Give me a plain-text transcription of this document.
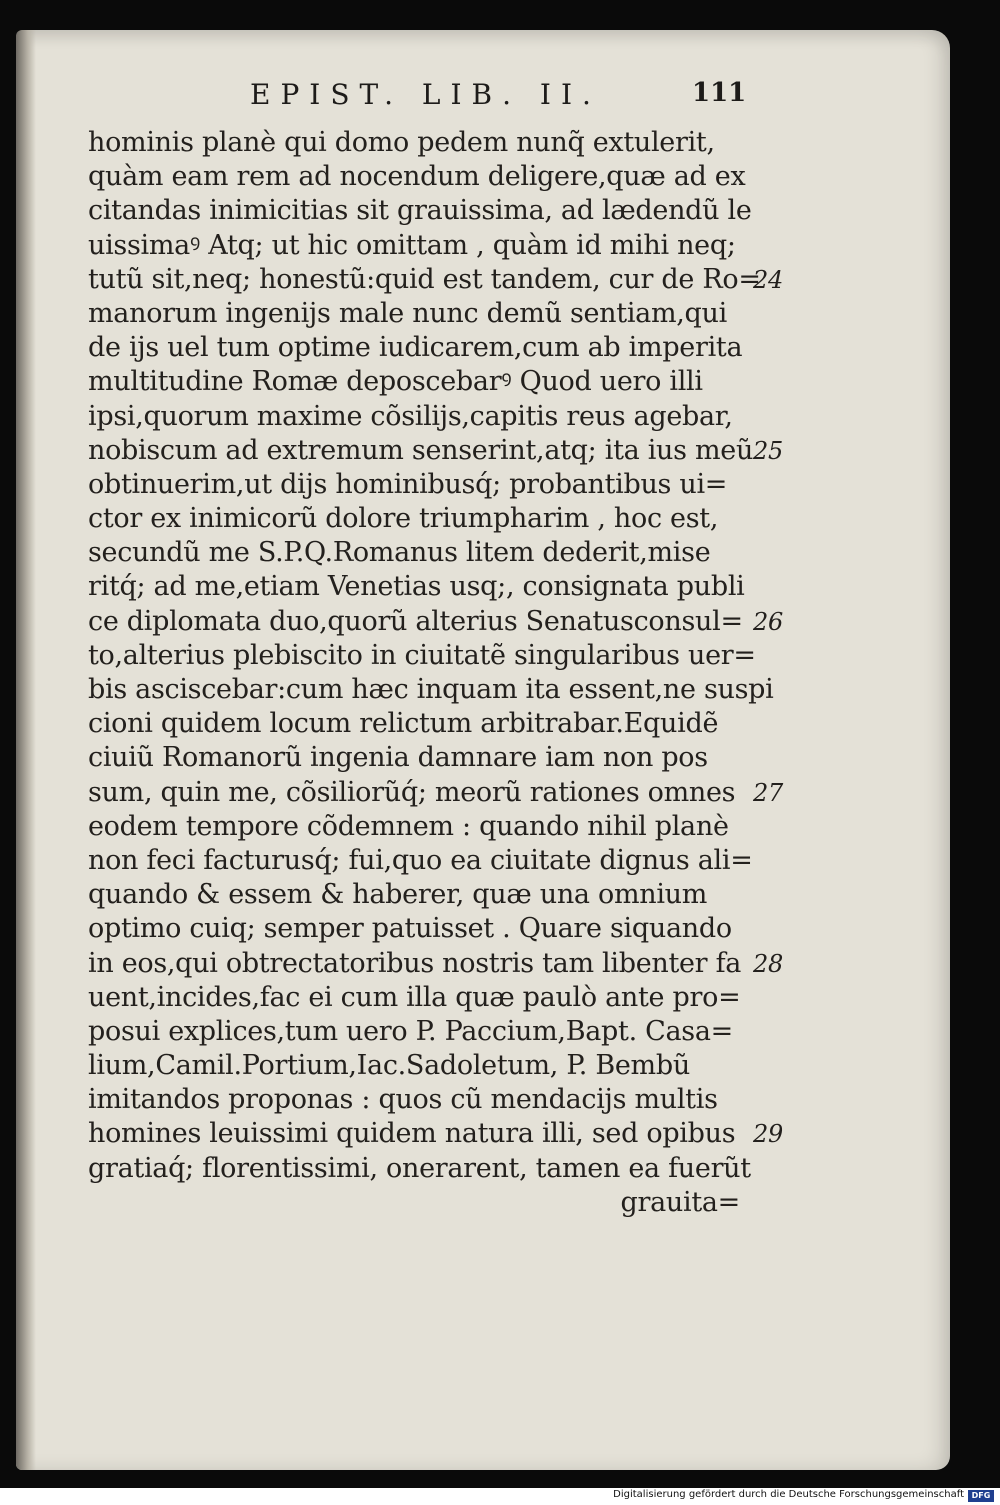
EPIST. LIB. II.	111
hominis planè qui domo pedem nunq̃ extulerit,
quàm eam rem ad nocendum deligere,quæ ad ex
citandas inimicitias sit grauissima, ad lædendũ le
uissimaꝰ Atq; ut hic omittam , quàm id mihi neq;
tutũ sit,neq; honestũ:quid est tandem, cur de Ro=
24
manorum ingenijs male nunc demũ sentiam,qui
de ijs uel tum optime iudicarem,cum ab imperita
multitudine Romæ deposcebarꝰ Quod uero illi
ipsi,quorum maxime cõsilijs,capitis reus agebar,
nobiscum ad extremum senserint,atq; ita ius meũ 25
obtinuerim,ut dijs hominibusq́; probantibus ui=
ctor ex inimicorũ dolore triumpharim , hoc est,
secundũ me S.P.Q.Romanus litem dederit,mise
ritq́; ad me,etiam Venetias usq;, consignata publi
ce diplomata duo,quorũ alterius Senatusconsul= 26
to,alterius plebiscito in ciuitatẽ singularibus uer=
bis asciscebar:cum hæc inquam ita essent,ne suspi
cioni quidem locum relictum arbitrabar.Equidẽ
ciuiũ Romanorũ ingenia damnare iam non pos
sum, quin me, cõsiliorũq́; meorũ rationes omnes 27
eodem tempore cõdemnem : quando nihil planè
non feci facturusq́; fui,quo ea ciuitate dignus ali=
quando & essem & haberer, quæ una omnium
optimo cuiq; semper patuisset . Quare siquando
in eos,qui obtrectatoribus nostris tam libenter fa 28
uent,incides,fac ei cum illa quæ paulò ante pro=
posui explices,tum uero P. Paccium,Bapt. Casa=
lium,Camil.Portium,Iac.Sadoletum, P. Bembũ
imitandos proponas : quos cũ mendacijs multis
homines leuissimi quidem natura illi, sed opibus 29
gratiaq́; florentissimi, onerarent, tamen ea fuerũt
grauita=
Digitalisierung gefördert durch die Deutsche Forschungsgemeinschaft DFG
